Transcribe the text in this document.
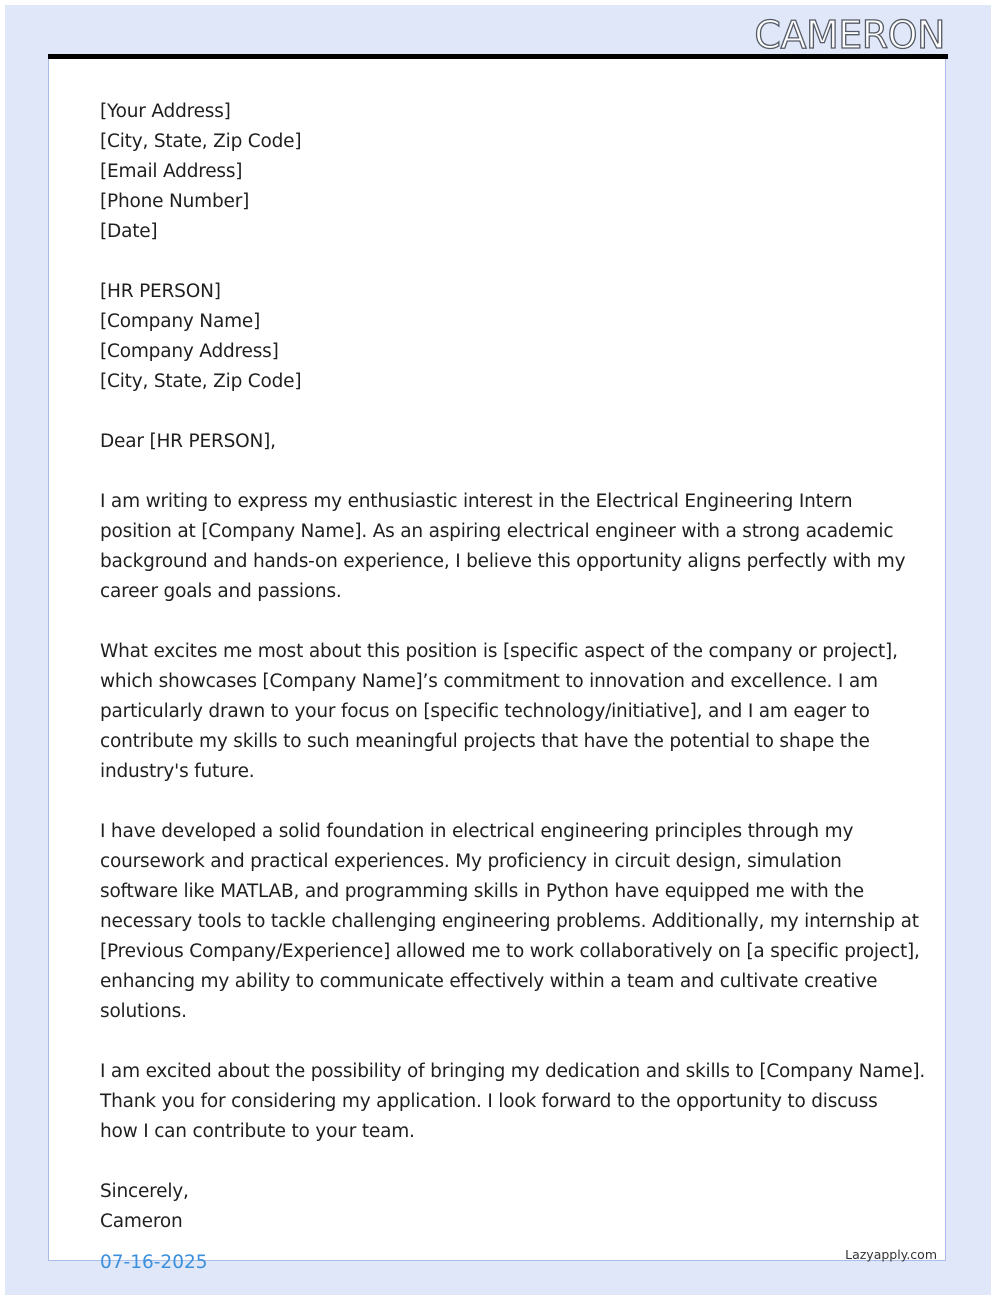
CAMERON
[Your Address]
[City, State, Zip Code]
[Email Address]
[Phone Number]
[Date]
[HR PERSON]
[Company Name]
[Company Address]
[City, State, Zip Code]
Dear [HR PERSON],
I am writing to express my enthusiastic interest in the Electrical Engineering Intern
position at [Company Name]. As an aspiring electrical engineer with a strong academic
background and hands-on experience, I believe this opportunity aligns perfectly with my
career goals and passions.
What excites me most about this position is [specific aspect of the company or project],
which showcases [Company Name]’s commitment to innovation and excellence. I am
particularly drawn to your focus on [specific technology/initiative], and I am eager to
contribute my skills to such meaningful projects that have the potential to shape the
industry's future.
I have developed a solid foundation in electrical engineering principles through my
coursework and practical experiences. My proficiency in circuit design, simulation
software like MATLAB, and programming skills in Python have equipped me with the
necessary tools to tackle challenging engineering problems. Additionally, my internship at
[Previous Company/Experience] allowed me to work collaboratively on [a specific project],
enhancing my ability to communicate effectively within a team and cultivate creative
solutions.
I am excited about the possibility of bringing my dedication and skills to [Company Name].
Thank you for considering my application. I look forward to the opportunity to discuss
how I can contribute to your team.
Sincerely,
Cameron
07-16-2025	Lazyapply.com
